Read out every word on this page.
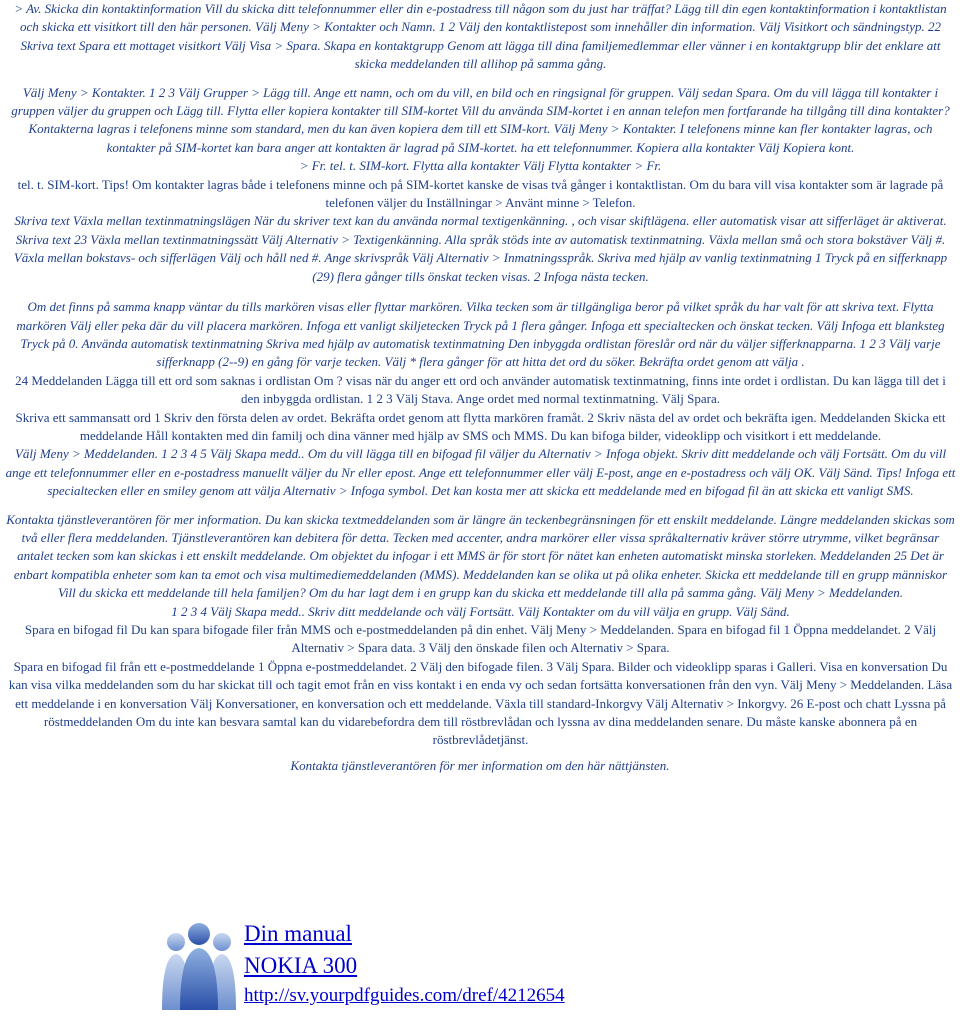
> Av. Skicka din kontaktinformation Vill du skicka ditt telefonnummer eller din e-postadress till någon som du just har träffat? Lägg till din egen kontaktinformation i kontaktlistan och skicka ett visitkort till den här personen. Välj Meny > Kontakter och Namn. 1 2 Välj den kontaktlistepost som innehåller din information. Välj Visitkort och sändningstyp. 22 Skriva text Spara ett mottaget visitkort Välj Visa > Spara. Skapa en kontaktgrupp Genom att lägga till dina familjemedlemmar eller vänner i en kontaktgrupp blir det enklare att skicka meddelanden till allihop på samma gång.

Välj Meny > Kontakter. 1 2 3 Välj Grupper > Lägg till. Ange ett namn, och om du vill, en bild och en ringsignal för gruppen. Välj sedan Spara. Om du vill lägga till kontakter i gruppen väljer du gruppen och Lägg till. Flytta eller kopiera kontakter till SIM-kortet Vill du använda SIM-kortet i en annan telefon men fortfarande ha tillgång till dina kontakter? Kontakterna lagras i telefonens minne som standard, men du kan även kopiera dem till ett SIM-kort. Välj Meny > Kontakter. I telefonens minne kan fler kontakter lagras, och kontakter på SIM-kortet kan bara anger att kontakten är lagrad på SIM-kortet. ha ett telefonnummer. Kopiera alla kontakter Välj Kopiera kont.

> Fr. tel. t. SIM-kort. Flytta alla kontakter Välj Flytta kontakter > Fr.

tel. t. SIM-kort. Tips! Om kontakter lagras både i telefonens minne och på SIM-kortet kanske de visas två gånger i kontaktlistan. Om du bara vill visa kontakter som är lagrade på telefonen väljer du Inställningar > Använt minne > Telefon.

Skriva text Växla mellan textinmatningslägen När du skriver text kan du använda normal textigenkänning. , och visar skiftlägena. eller automatisk visar att sifferläget är aktiverat. Skriva text 23 Växla mellan textinmatningssätt Välj Alternativ > Textigenkänning. Alla språk stöds inte av automatisk textinmatning. Växla mellan små och stora bokstäver Välj #. Växla mellan bokstavs- och sifferlägen Välj och håll ned #. Ange skrivspråk Välj Alternativ > Inmatningsspråk. Skriva med hjälp av vanlig textinmatning 1 Tryck på en sifferknapp (29) flera gånger tills önskat tecken visas. 2 Infoga nästa tecken.

Om det finns på samma knapp väntar du tills markören visas eller flyttar markören. Vilka tecken som är tillgängliga beror på vilket språk du har valt för att skriva text. Flytta markören Välj eller peka där du vill placera markören. Infoga ett vanligt skiljetecken Tryck på 1 flera gånger. Infoga ett specialtecken och önskat tecken. Välj Infoga ett blanksteg Tryck på 0. Använda automatisk textinmatning Skriva med hjälp av automatisk textinmatning Den inbyggda ordlistan föreslår ord när du väljer sifferknapparna. 1 2 3 Välj varje sifferknapp (2--9) en gång för varje tecken. Välj * flera gånger för att hitta det ord du söker. Bekräfta ordet genom att välja .

24 Meddelanden Lägga till ett ord som saknas i ordlistan Om ? visas när du anger ett ord och använder automatisk textinmatning, finns inte ordet i ordlistan. Du kan lägga till det i den inbyggda ordlistan. 1 2 3 Välj Stava. Ange ordet med normal textinmatning. Välj Spara.

Skriva ett sammansatt ord 1 Skriv den första delen av ordet. Bekräfta ordet genom att flytta markören framåt. 2 Skriv nästa del av ordet och bekräfta igen. Meddelanden Skicka ett meddelande Håll kontakten med din familj och dina vänner med hjälp av SMS och MMS. Du kan bifoga bilder, videoklipp och visitkort i ett meddelande.

Välj Meny > Meddelanden. 1 2 3 4 5 Välj Skapa medd.. Om du vill lägga till en bifogad fil väljer du Alternativ > Infoga objekt. Skriv ditt meddelande och välj Fortsätt. Om du vill ange ett telefonnummer eller en e-postadress manuellt väljer du Nr eller epost. Ange ett telefonnummer eller välj E-post, ange en e-postadress och välj OK. Välj Sänd. Tips! Infoga ett specialtecken eller en smiley genom att välja Alternativ > Infoga symbol. Det kan kosta mer att skicka ett meddelande med en bifogad fil än att skicka ett vanligt SMS.

Kontakta tjänstleverantören för mer information. Du kan skicka textmeddelanden som är längre än teckenbegränsningen för ett enskilt meddelande. Längre meddelanden skickas som två eller flera meddelanden. Tjänstleverantören kan debitera för detta. Tecken med accenter, andra markörer eller vissa språkalternativ kräver större utrymme, vilket begränsar antalet tecken som kan skickas i ett enskilt meddelande. Om objektet du infogar i ett MMS är för stort för nätet kan enheten automatiskt minska storleken. Meddelanden 25 Det är enbart kompatibla enheter som kan ta emot och visa multimediemeddelanden (MMS). Meddelanden kan se olika ut på olika enheter. Skicka ett meddelande till en grupp människor Vill du skicka ett meddelande till hela familjen? Om du har lagt dem i en grupp kan du skicka ett meddelande till alla på samma gång. Välj Meny > Meddelanden.

1 2 3 4 Välj Skapa medd.. Skriv ditt meddelande och välj Fortsätt. Välj Kontakter om du vill välja en grupp. Välj Sänd.

Spara en bifogad fil Du kan spara bifogade filer från MMS och e-postmeddelanden på din enhet. Välj Meny > Meddelanden. Spara en bifogad fil 1 Öppna meddelandet. 2 Välj Alternativ > Spara data. 3 Välj den önskade filen och Alternativ > Spara.

Spara en bifogad fil från ett e-postmeddelande 1 Öppna e-postmeddelandet. 2 Välj den bifogade filen. 3 Välj Spara. Bilder och videoklipp sparas i Galleri. Visa en konversation Du kan visa vilka meddelanden som du har skickat till och tagit emot från en viss kontakt i en enda vy och sedan fortsätta konversationen från den vyn. Välj Meny > Meddelanden. Läsa ett meddelande i en konversation Välj Konversationer, en konversation och ett meddelande. Växla till standard-Inkorgvy Välj Alternativ > Inkorgvy. 26 E-post och chatt Lyssna på röstmeddelanden Om du inte kan besvara samtal kan du vidarebefordra dem till röstbrevlådan och lyssna av dina meddelanden senare. Du måste kanske abonnera på en röstbrevlådetjänst.

Kontakta tjänstleverantören för mer information om den här nättjänsten.
Din manual
NOKIA 300
http://sv.yourpdfguides.com/dref/4212654
